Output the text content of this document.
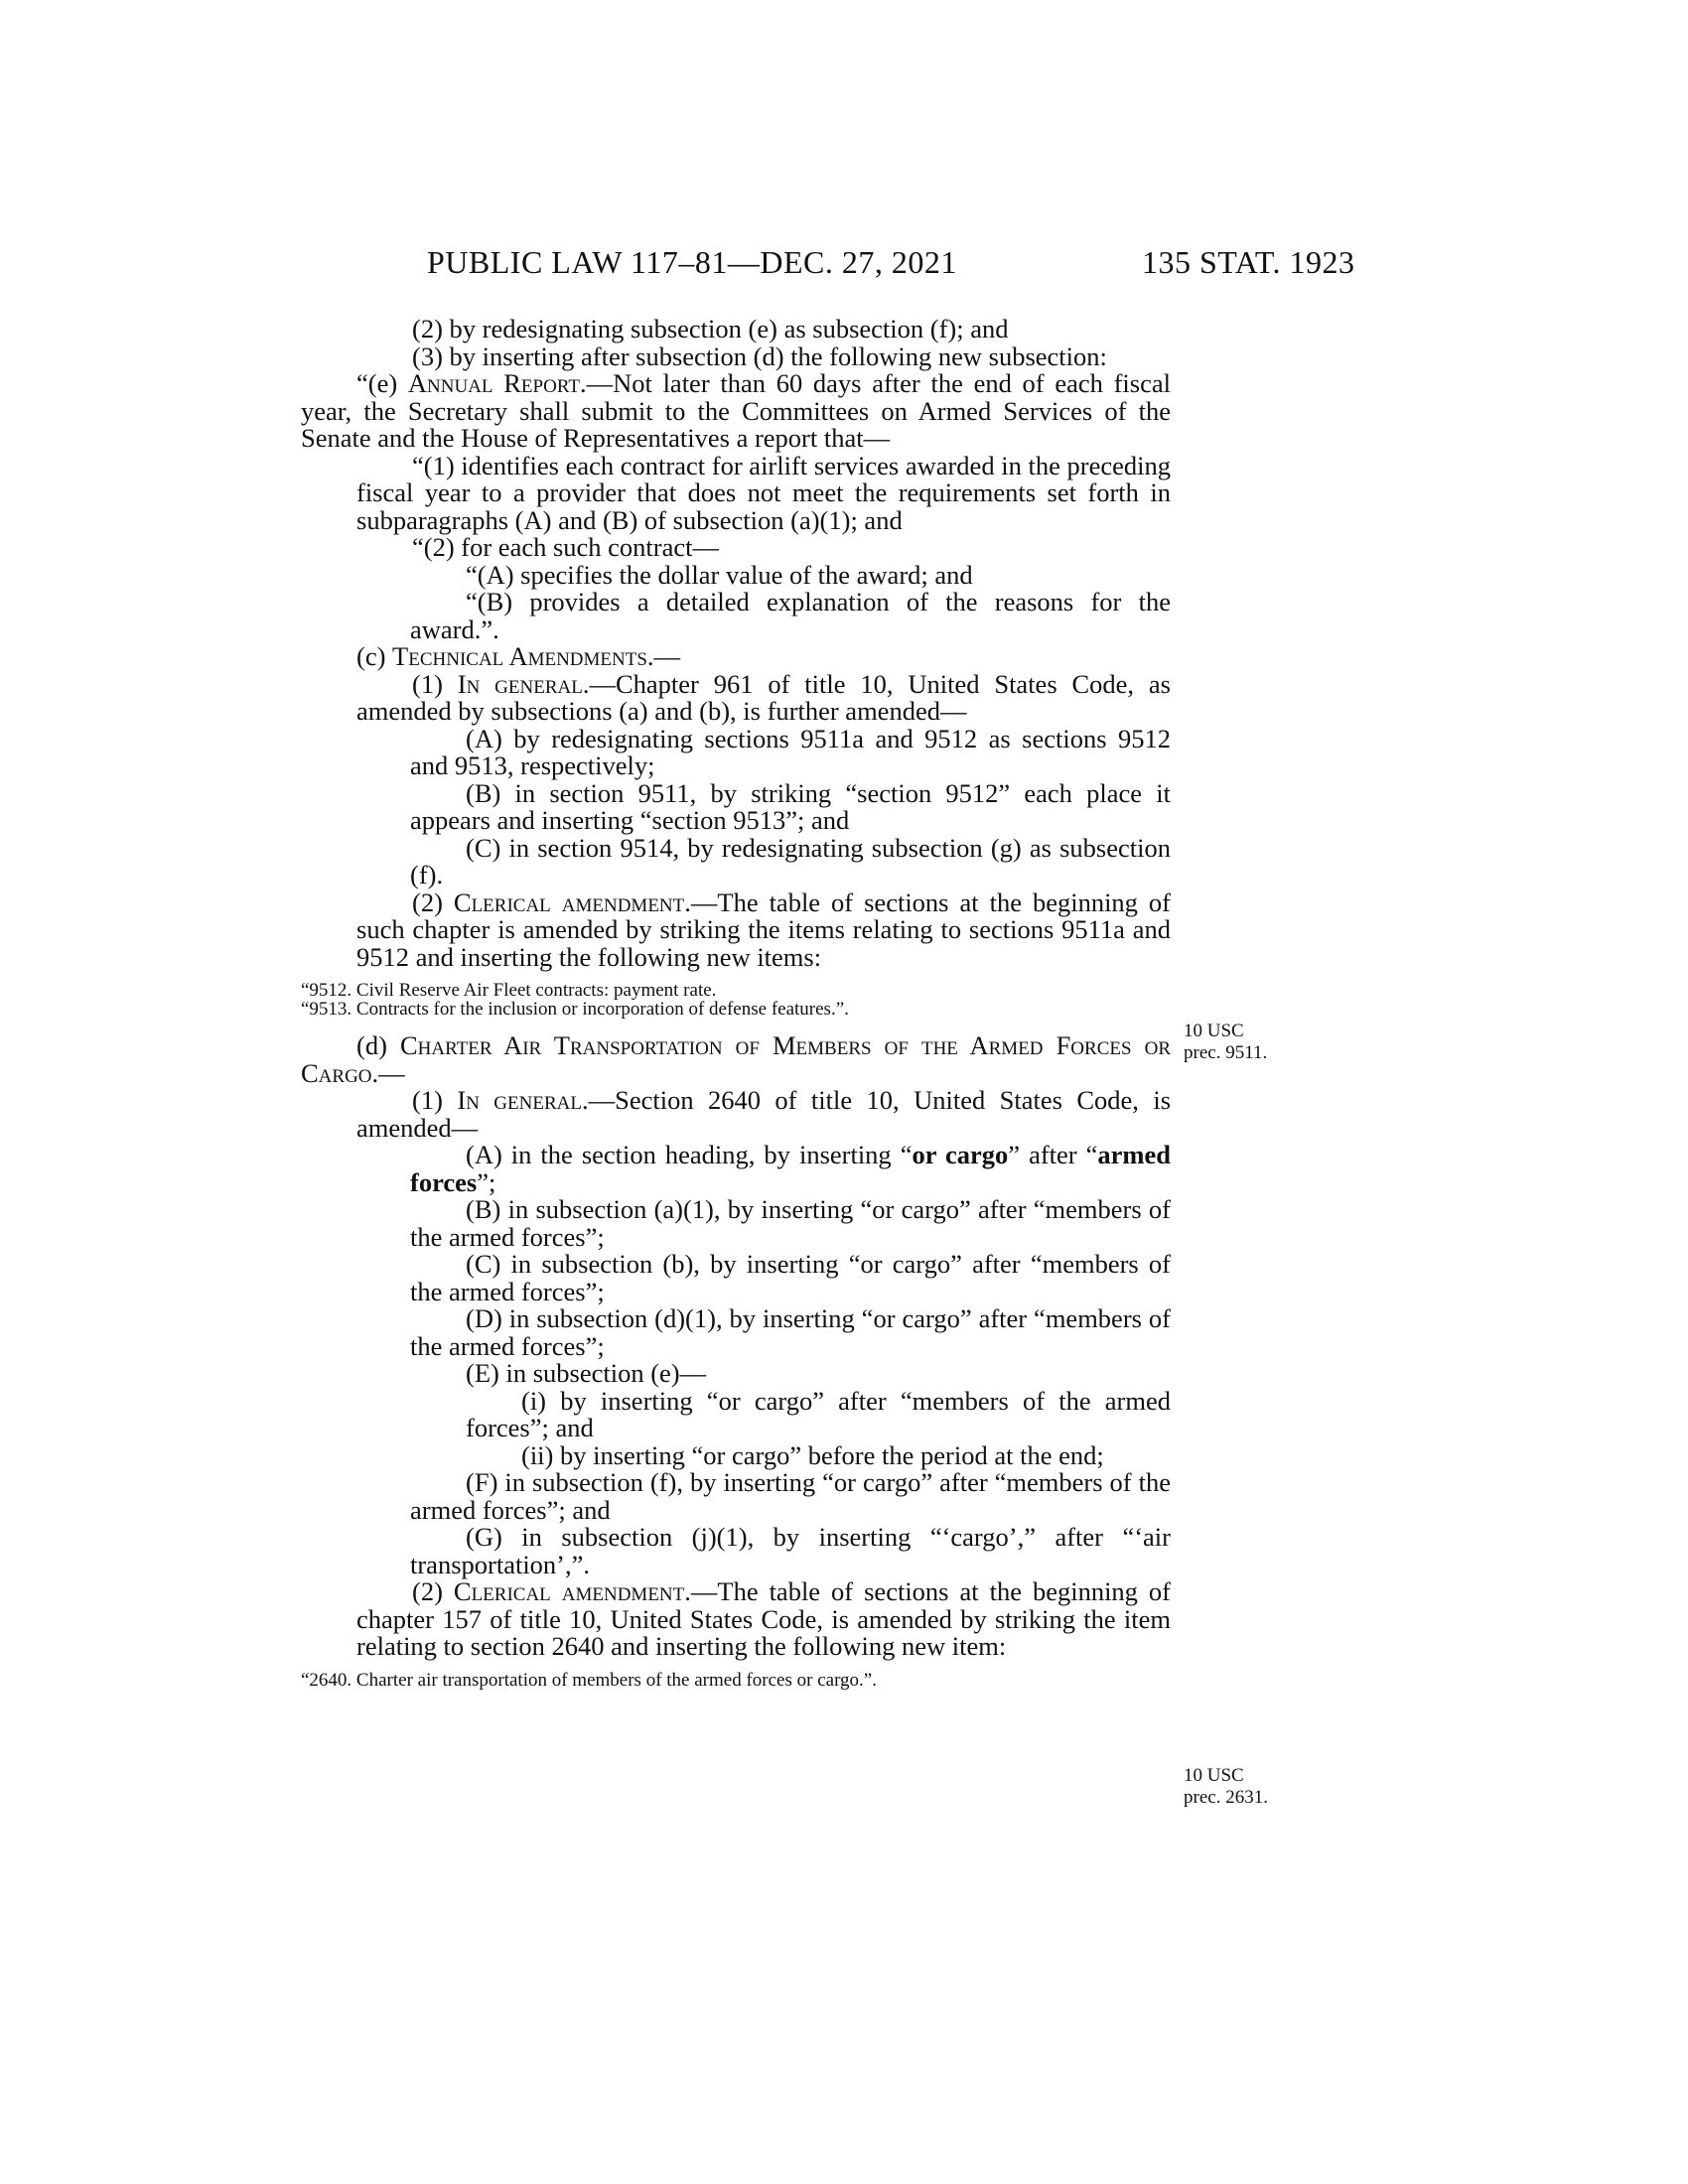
PUBLIC LAW 117–81—DEC. 27, 2021	135 STAT. 1923

(2) by redesignating subsection (e) as subsection (f); and

(3) by inserting after subsection (d) the following new subsection:

“(e) Annual Report.—Not later than 60 days after the end of each fiscal year, the Secretary shall submit to the Committees on Armed Services of the Senate and the House of Representatives a report that—

“(1) identifies each contract for airlift services awarded in the preceding fiscal year to a provider that does not meet the requirements set forth in subparagraphs (A) and (B) of subsection (a)(1); and

“(2) for each such contract—

“(A) specifies the dollar value of the award; and

“(B) provides a detailed explanation of the reasons for the award.”.

(c) Technical Amendments.—

(1) In general.—Chapter 961 of title 10, United States Code, as amended by subsections (a) and (b), is further amended—

(A) by redesignating sections 9511a and 9512 as sections 9512 and 9513, respectively;

(B) in section 9511, by striking “section 9512” each place it appears and inserting “section 9513”; and

(C) in section 9514, by redesignating subsection (g) as subsection (f).

(2) Clerical amendment.—The table of sections at the beginning of such chapter is amended by striking the items relating to sections 9511a and 9512 and inserting the following new items:

“9512. Civil Reserve Air Fleet contracts: payment rate.
“9513. Contracts for the inclusion or incorporation of defense features.”.

(d) Charter Air Transportation of Members of the Armed Forces or Cargo.—

(1) In general.—Section 2640 of title 10, United States Code, is amended—

(A) in the section heading, by inserting “or cargo” after “armed forces”;

(B) in subsection (a)(1), by inserting “or cargo” after “members of the armed forces”;

(C) in subsection (b), by inserting “or cargo” after “members of the armed forces”;

(D) in subsection (d)(1), by inserting “or cargo” after “members of the armed forces”;

(E) in subsection (e)—

(i) by inserting “or cargo” after “members of the armed forces”; and

(ii) by inserting “or cargo” before the period at the end;

(F) in subsection (f), by inserting “or cargo” after “members of the armed forces”; and

(G) in subsection (j)(1), by inserting “‘cargo’,” after “‘air transportation’,”.

(2) Clerical amendment.—The table of sections at the beginning of chapter 157 of title 10, United States Code, is amended by striking the item relating to section 2640 and inserting the following new item:

“2640. Charter air transportation of members of the armed forces or cargo.”.
10 USC
prec. 9511.
10 USC
prec. 2631.
